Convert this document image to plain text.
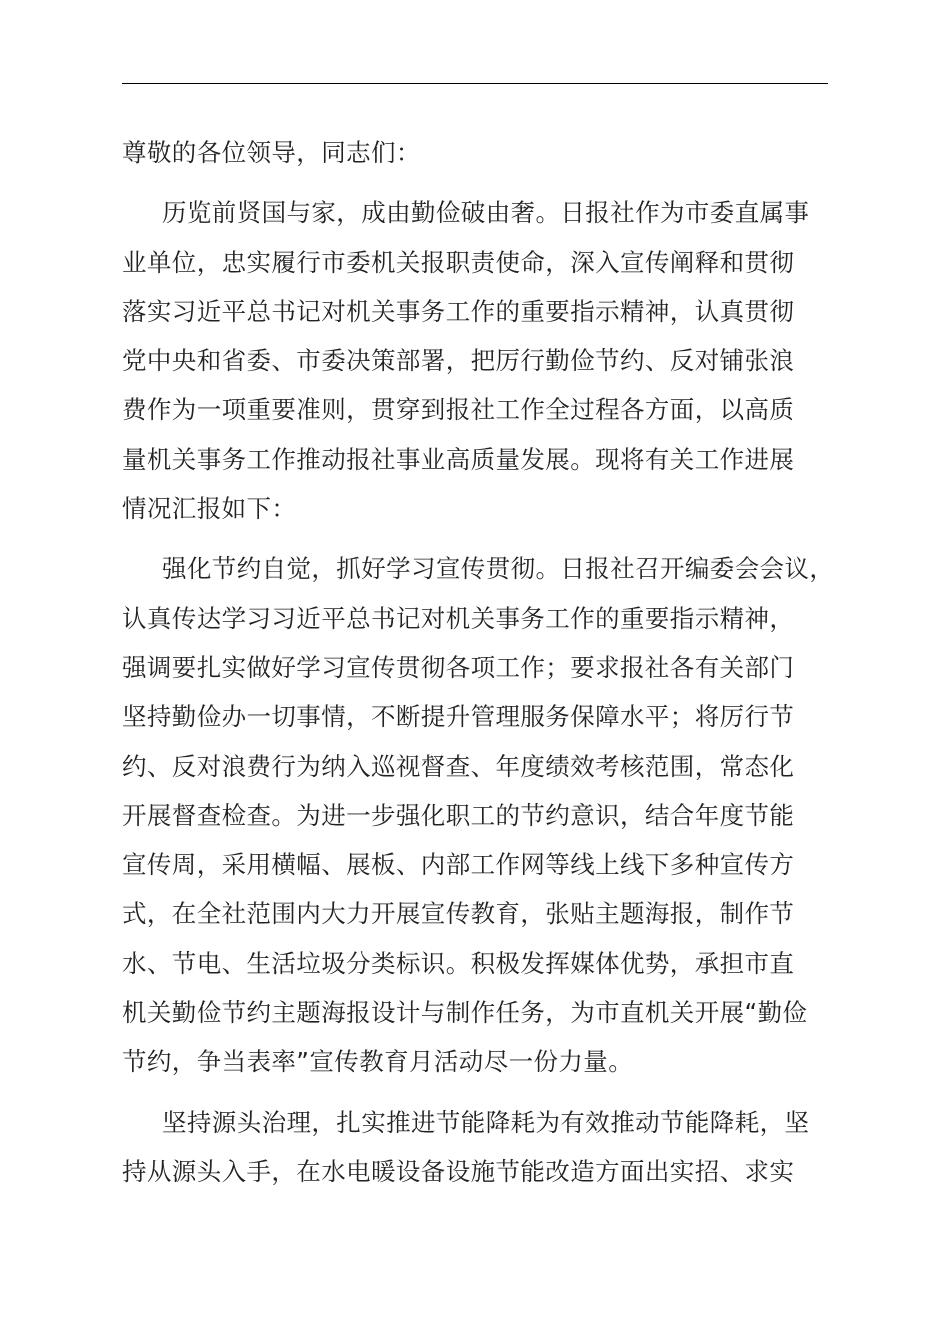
尊敬的各位领导，同志们：
历览前贤国与家，成由勤俭破由奢。日报社作为市委直属事
业单位，忠实履行市委机关报职责使命，深入宣传阐释和贯彻
落实习近平总书记对机关事务工作的重要指示精神，认真贯彻
党中央和省委、市委决策部署，把厉行勤俭节约、反对铺张浪
费作为一项重要准则，贯穿到报社工作全过程各方面，以高质
量机关事务工作推动报社事业高质量发展。现将有关工作进展
情况汇报如下：
强化节约自觉，抓好学习宣传贯彻。日报社召开编委会会议，
认真传达学习习近平总书记对机关事务工作的重要指示精神，
强调要扎实做好学习宣传贯彻各项工作；要求报社各有关部门
坚持勤俭办一切事情，不断提升管理服务保障水平；将厉行节
约、反对浪费行为纳入巡视督查、年度绩效考核范围，常态化
开展督查检查。为进一步强化职工的节约意识，结合年度节能
宣传周，采用横幅、展板、内部工作网等线上线下多种宣传方
式，在全社范围内大力开展宣传教育，张贴主题海报，制作节
水、节电、生活垃圾分类标识。积极发挥媒体优势，承担市直
机关勤俭节约主题海报设计与制作任务，为市直机关开展“勤俭
节约，争当表率”宣传教育月活动尽一份力量。
坚持源头治理，扎实推进节能降耗为有效推动节能降耗，坚
持从源头入手，在水电暖设备设施节能改造方面出实招、求实
